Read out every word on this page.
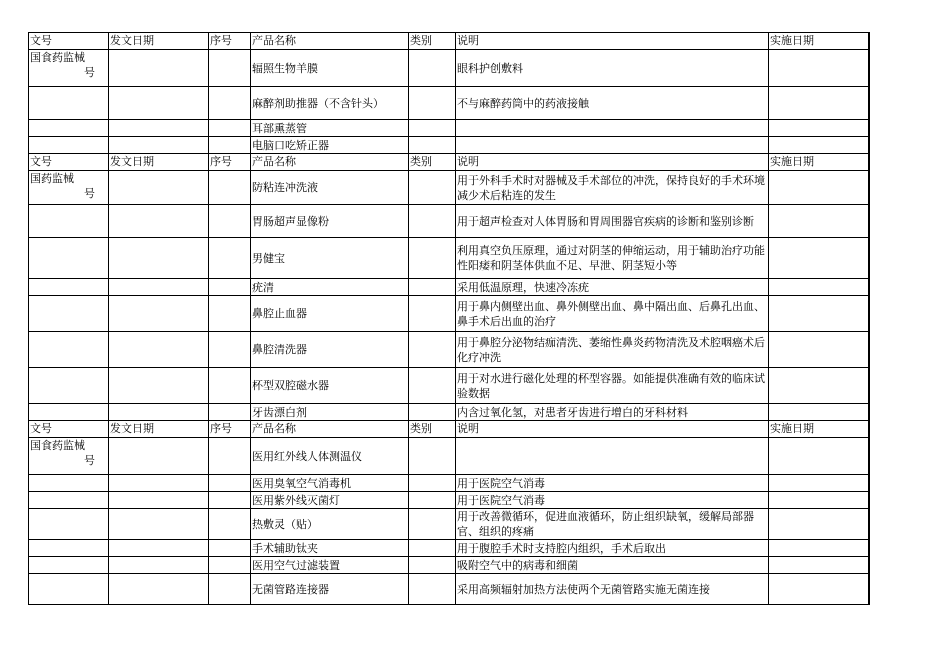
文号	发文日期	序号	产品名称	类别	说明	实施日期

国食药监械
号			辐照生物羊膜		眼科护创敷料	
			麻醉剂助推器（不含针头）		不与麻醉药筒中的药液接触	
			耳部熏蒸管			
			电脑口吃矫正器			
文号	发文日期	序号	产品名称	类别	说明	实施日期

国药监械
号			防粘连冲洗液		用于外科手术时对器械及手术部位的冲洗，保持良好的手术环境减少术后粘连的发生	
			胃肠超声显像粉		用于超声检查对人体胃肠和胃周围器官疾病的诊断和鉴别诊断	
			男健宝		利用真空负压原理，通过对阴茎的伸缩运动，用于辅助治疗功能性阳痿和阴茎体供血不足、早泄、阴茎短小等	
			疣清		采用低温原理，快速冷冻疣	
			鼻腔止血器		用于鼻内侧壁出血、鼻外侧壁出血、鼻中隔出血、后鼻孔出血、鼻手术后出血的治疗	
			鼻腔清洗器		用于鼻腔分泌物结痂清洗、萎缩性鼻炎药物清洗及术腔咽癌术后化疗冲洗	
			杯型双腔磁水器		用于对水进行磁化处理的杯型容器。如能提供准确有效的临床试验数据	
			牙齿漂白剂		内含过氧化氢，对患者牙齿进行增白的牙科材料	
文号	发文日期	序号	产品名称	类别	说明	实施日期

国食药监械
号			医用红外线人体测温仪			
			医用臭氧空气消毒机		用于医院空气消毒	
			医用紫外线灭菌灯		用于医院空气消毒	
			热敷灵（贴）		用于改善微循环，促进血液循环，防止组织缺氧，缓解局部器官、组织的疼痛	
			手术辅助钛夹		用于腹腔手术时支持腔内组织，手术后取出	
			医用空气过滤装置		吸附空气中的病毒和细菌	
			无菌管路连接器		采用高频辐射加热方法使两个无菌管路实施无菌连接	
